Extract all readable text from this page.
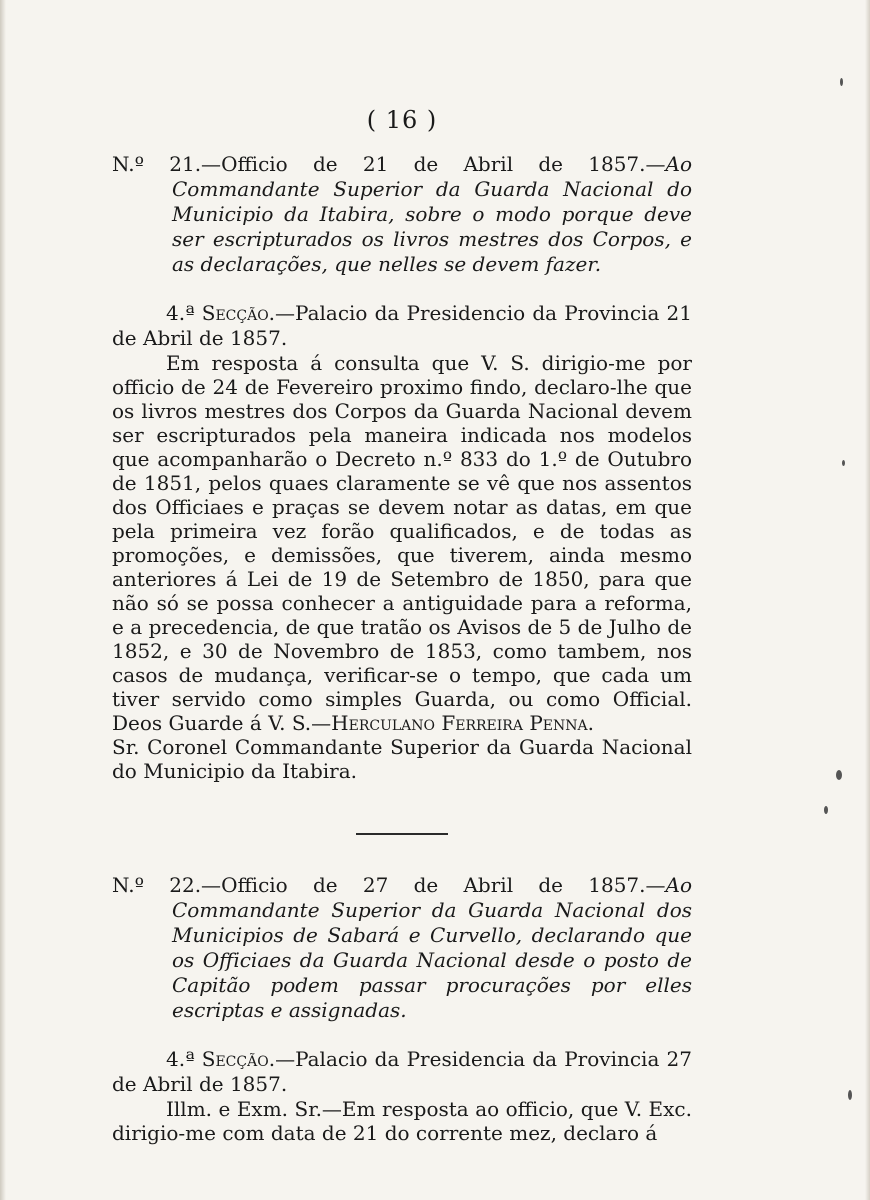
( 16 )

N.º 21.—Officio de 21 de Abril de 1857.—Ao Commandante Superior da Guarda Nacional do Municipio da Itabira, sobre o modo porque deve ser escripturados os livros mestres dos Corpos, e as declarações, que nelles se devem fazer.

4.ª Secção.—Palacio da Presidencio da Provincia 21 de Abril de 1857.

Em resposta á consulta que V. S. dirigio-me por officio de 24 de Fevereiro proximo findo, declaro-lhe que os livros mestres dos Corpos da Guarda Nacional devem ser escripturados pela maneira indicada nos modelos que acompanharão o Decreto n.º 833 do 1.º de Outubro de 1851, pelos quaes claramente se vê que nos assentos dos Officiaes e praças se devem notar as datas, em que pela primeira vez forão qualificados, e de todas as promoções, e demissões, que tiverem, ainda mesmo anteriores á Lei de 19 de Setembro de 1850, para que não só se possa conhecer a antiguidade para a reforma, e a precedencia, de que tratão os Avisos de 5 de Julho de 1852, e 30 de Novembro de 1853, como tambem, nos casos de mudança, verificar-se o tempo, que cada um tiver servido como simples Guarda, ou como Official. Deos Guarde á V. S.—Herculano Ferreira Penna.

Sr. Coronel Commandante Superior da Guarda Nacional do Municipio da Itabira.

N.º 22.—Officio de 27 de Abril de 1857.—Ao Commandante Superior da Guarda Nacional dos Municipios de Sabará e Curvello, declarando que os Officiaes da Guarda Nacional desde o posto de Capitão podem passar procurações por elles escriptas e assignadas.

4.ª Secção.—Palacio da Presidencia da Provincia 27 de Abril de 1857.

Illm. e Exm. Sr.—Em resposta ao officio, que V. Exc. dirigio-me com data de 21 do corrente mez, declaro á
